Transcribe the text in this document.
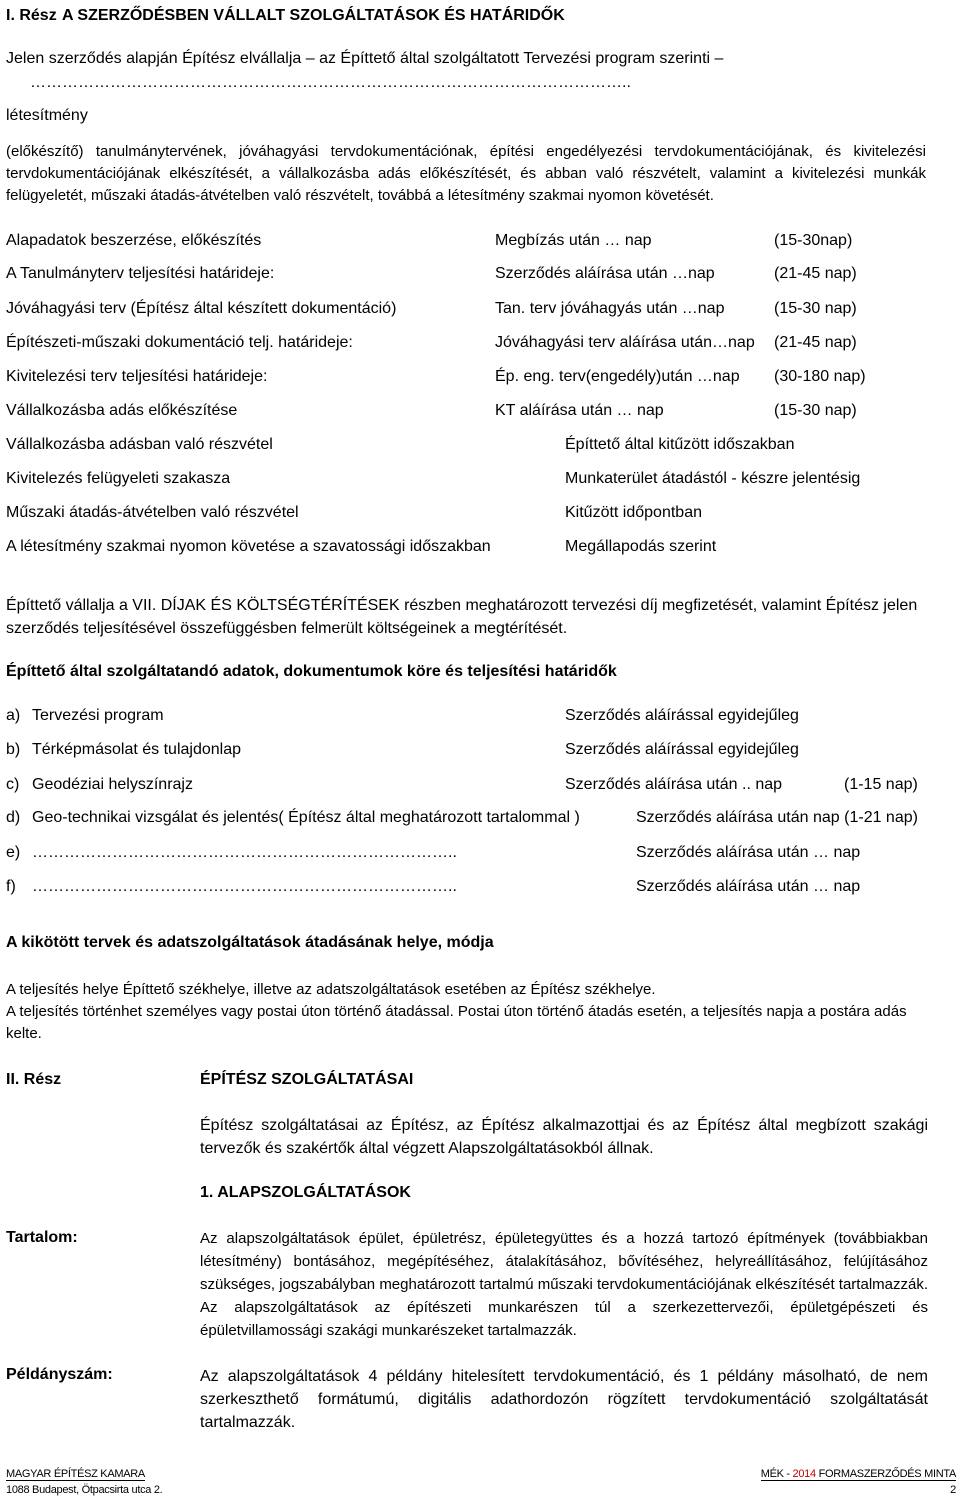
I. Rész A SZERZŐDÉSBEN VÁLLALT SZOLGÁLTATÁSOK ÉS HATÁRIDŐK
Jelen szerződés alapján Építész elvállalja – az Építtető által szolgáltatott Tervezési program szerinti –
…………………………………………………………………………………………………..
létesítmény
(előkészítő) tanulmánytervének, jóváhagyási tervdokumentációnak, építési engedélyezési tervdokumentációjának, és kivitelezési tervdokumentációjának elkészítését, a vállalkozásba adás előkészítését, és abban való részvételt, valamint a kivitelezési munkák felügyeletét, műszaki átadás-átvételben való részvételt, továbbá a létesítmény szakmai nyomon követését.
Alapadatok beszerzése, előkészítés	Megbízás után … nap	(15-30nap)
A Tanulmányterv teljesítési határideje:	Szerződés aláírása után …nap	(21-45 nap)
Jóváhagyási terv (Építész által készített dokumentáció)	Tan. terv jóváhagyás után …nap	(15-30 nap)
Építészeti-műszaki dokumentáció telj. határideje:	Jóváhagyási terv aláírása után…nap (21-45 nap)
Kivitelezési terv teljesítési határideje:	Ép. eng. terv(engedély)után …nap (30-180 nap)
Vállalkozásba adás előkészítése	KT aláírása után … nap	(15-30 nap)
Vállalkozásba adásban való részvétel	Építtető által kitűzött időszakban
Kivitelezés felügyeleti szakasza	Munkaterület átadástól - készre jelentésig
Műszaki átadás-átvételben való részvétel	Kitűzött időpontban
A létesítmény szakmai nyomon követése a szavatossági időszakban	Megállapodás szerint
Építtető vállalja a VII. DÍJAK ÉS KÖLTSÉGTÉRÍTÉSEK részben meghatározott tervezési díj megfizetését, valamint Építész jelen szerződés teljesítésével összefüggésben felmerült költségeinek a megtérítését.
Építtető által szolgáltatandó adatok, dokumentumok köre és teljesítési határidők
a) Tervezési program	Szerződés aláírással egyidejűleg
b) Térképmásolat és tulajdonlap	Szerződés aláírással egyidejűleg
c) Geodéziai helyszínrajz	Szerződés aláírása után .. nap	(1-15 nap)
d) Geo-technikai vizsgálat és jelentés( Építész által meghatározott tartalommal )	Szerződés aláírása után nap (1-21 nap)
e) ……………………………………………………………………..	Szerződés aláírása után … nap
f) ……………………………………………………………………..	Szerződés aláírása után … nap
A kikötött tervek és adatszolgáltatások átadásának helye, módja
A teljesítés helye Építtető székhelye, illetve az adatszolgáltatások esetében az Építész székhelye.
A teljesítés történhet személyes vagy postai úton történő átadással. Postai úton történő átadás esetén, a teljesítés napja a postára adás kelte.
II. Rész	ÉPÍTÉSZ SZOLGÁLTATÁSAI
Építész szolgáltatásai az Építész, az Építész alkalmazottjai és az Építész által megbízott szakági tervezők és szakértők által végzett Alapszolgáltatásokból állnak.
1. ALAPSZOLGÁLTATÁSOK
Tartalom:	Az alapszolgáltatások épület, épületrész, épületegyüttes és a hozzá tartozó építmények (továbbiakban létesítmény) bontásához, megépítéséhez, átalakításához, bővítéséhez, helyreállításához, felújításához szükséges, jogszabályban meghatározott tartalmú műszaki tervdokumentációjának elkészítését tartalmazzák. Az alapszolgáltatások az építészeti munkarészen túl a szerkezettervezői, épületgépészeti és épületvillamossági szakági munkarészeket tartalmazzák.
Példányszám:	Az alapszolgáltatások 4 példány hitelesített tervdokumentáció, és 1 példány másolható, de nem szerkeszthető formátumú, digitális adathordozón rögzített tervdokumentáció szolgáltatását tartalmazzák.
MAGYAR ÉPÍTÉSZ KAMARA
1088 Budapest, Ötpacsirta utca 2.
MÉK - 2014 FORMASZERZŐDÉS MINTA
2
